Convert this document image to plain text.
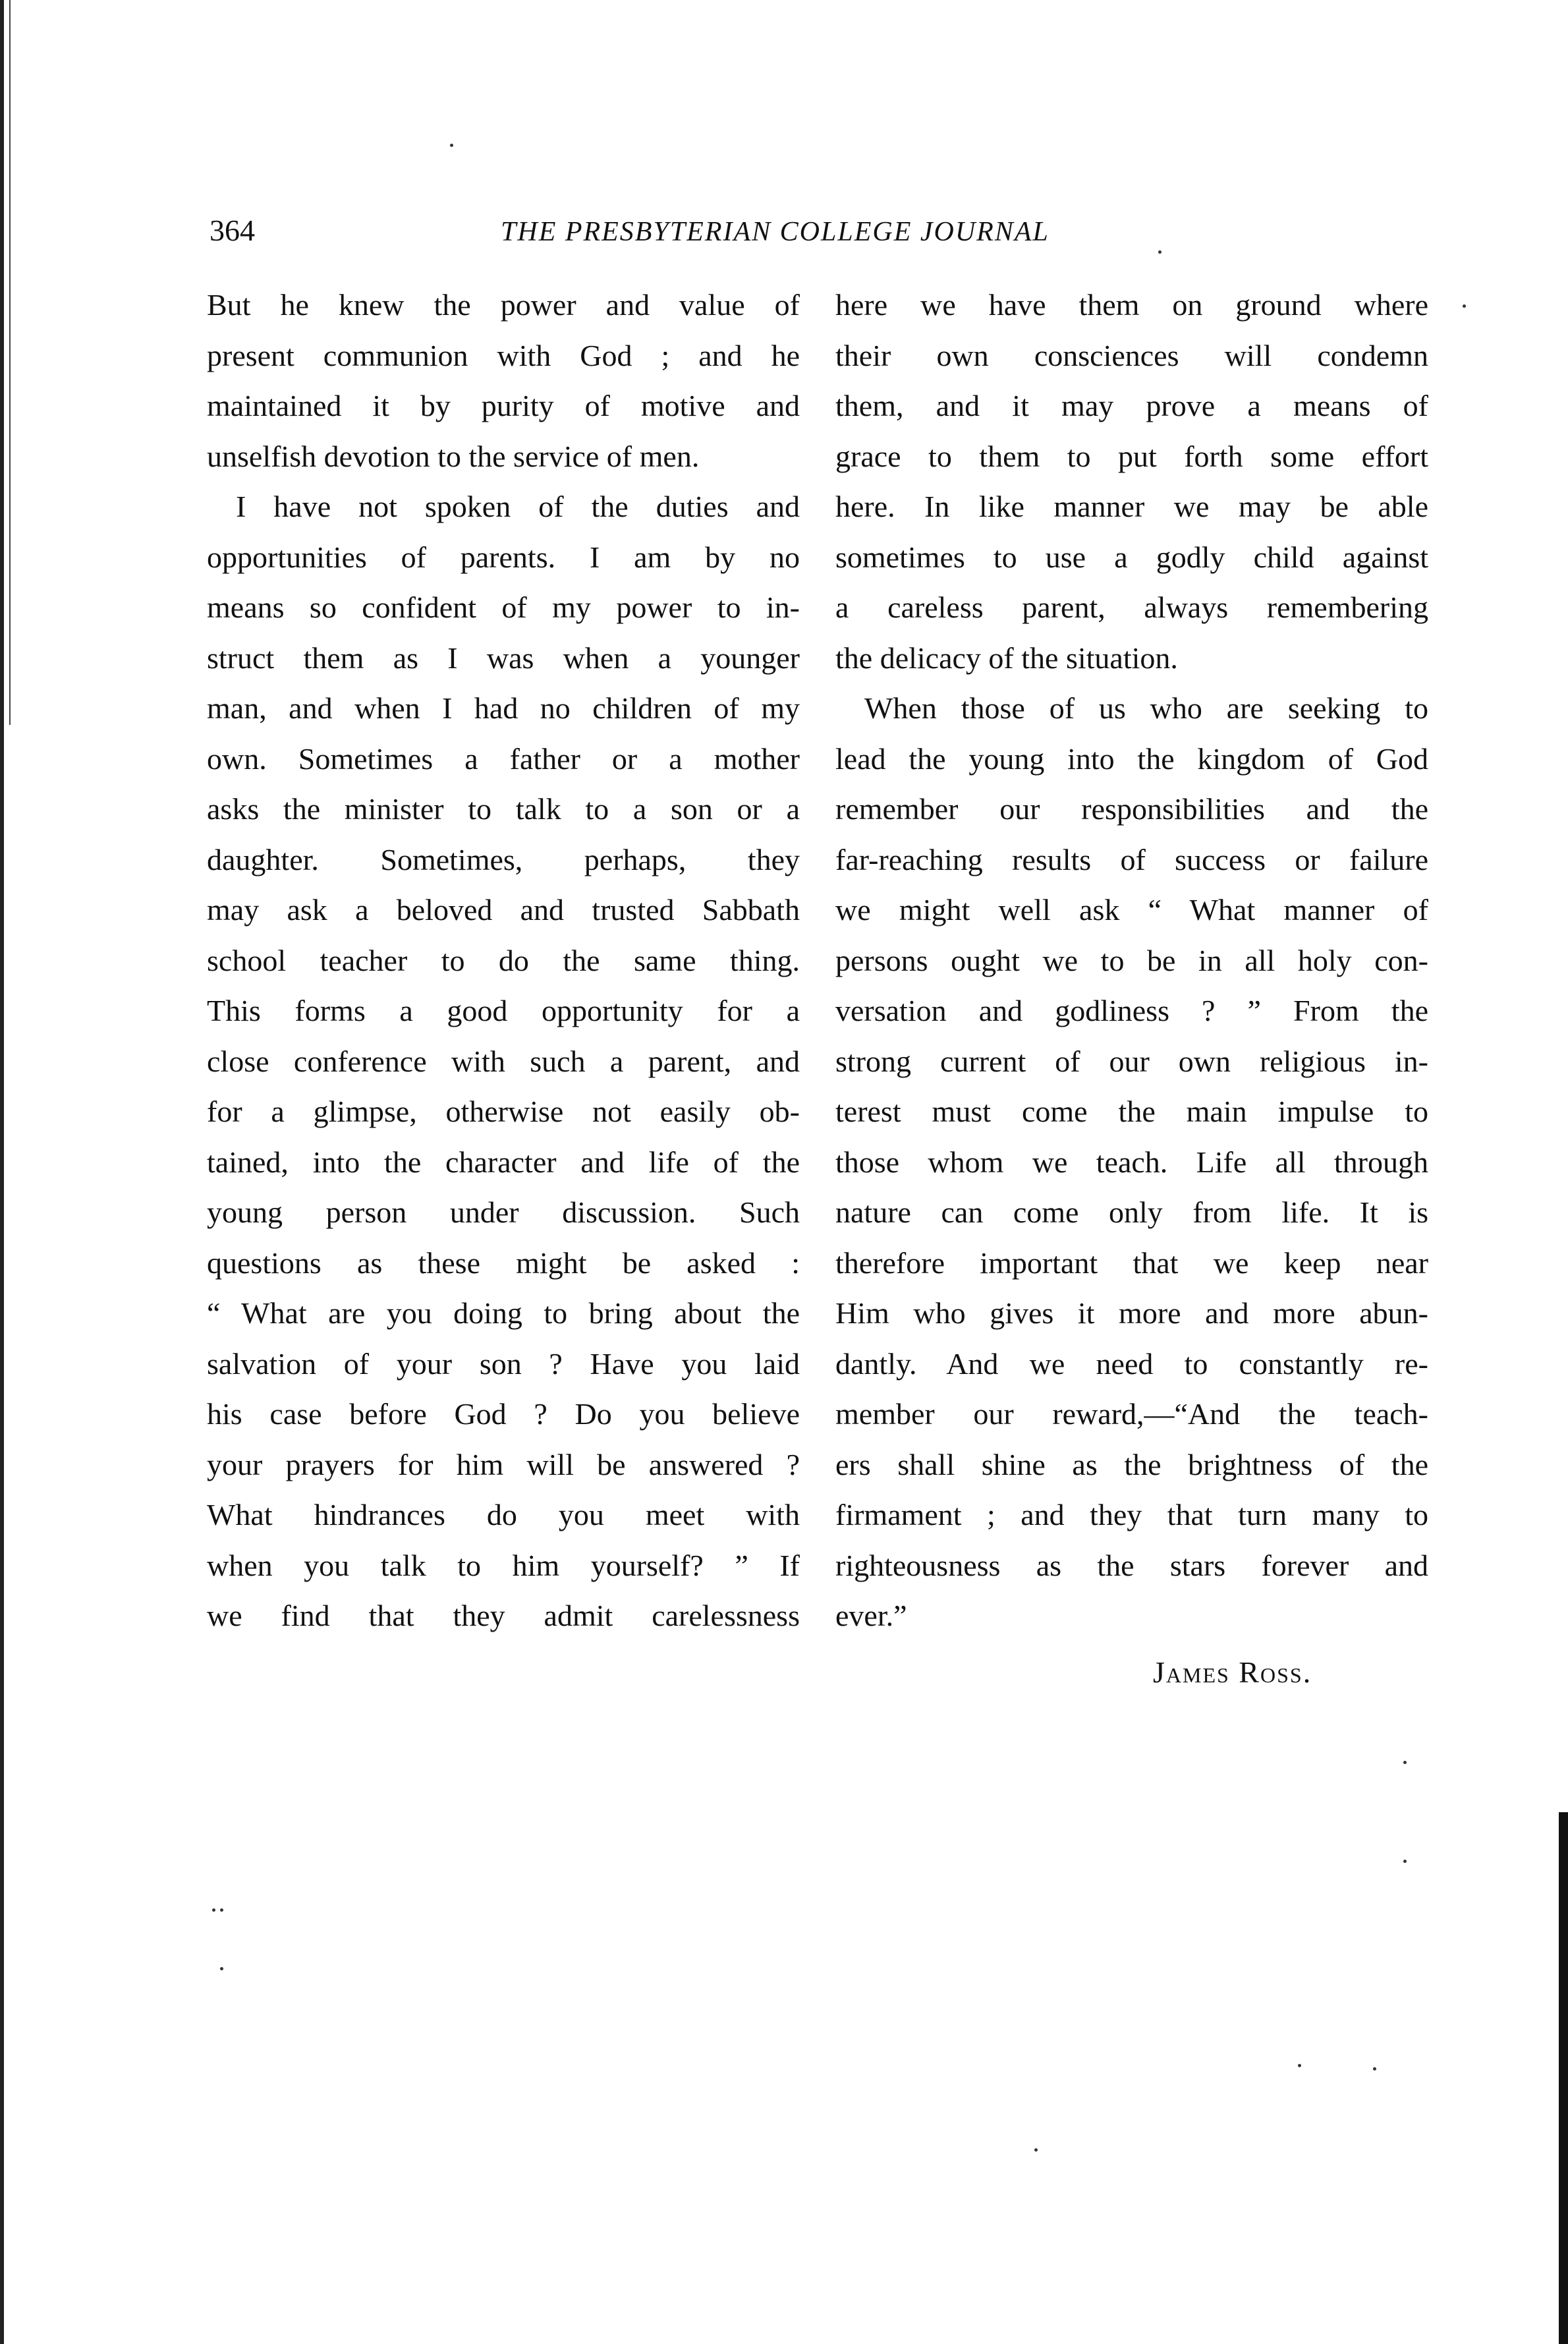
364	THE PRESBYTERIAN COLLEGE JOURNAL
But he knew the power and value of
present communion with God ; and he
maintained it by purity of motive and
unselfish devotion to the service of men.
I have not spoken of the duties and
opportunities of parents. I am by no
means so confident of my power to in-
struct them as I was when a younger
man, and when I had no children of my
own. Sometimes a father or a mother
asks the minister to talk to a son or a
daughter. Sometimes, perhaps, they
may ask a beloved and trusted Sabbath
school teacher to do the same thing.
This forms a good opportunity for a
close conference with such a parent, and
for a glimpse, otherwise not easily ob-
tained, into the character and life of the
young person under discussion. Such
questions as these might be asked :
“ What are you doing to bring about the
salvation of your son ? Have you laid
his case before God ? Do you believe
your prayers for him will be answered ?
What hindrances do you meet with
when you talk to him yourself? ” If
we find that they admit carelessness
here we have them on ground where
their own consciences will condemn
them, and it may prove a means of
grace to them to put forth some effort
here. In like manner we may be able
sometimes to use a godly child against
a careless parent, always remembering
the delicacy of the situation.
When those of us who are seeking to
lead the young into the kingdom of God
remember our responsibilities and the
far-reaching results of success or failure
we might well ask “ What manner of
persons ought we to be in all holy con-
versation and godliness ? ” From the
strong current of our own religious in-
terest must come the main impulse to
those whom we teach. Life all through
nature can come only from life. It is
therefore important that we keep near
Him who gives it more and more abun-
dantly. And we need to constantly re-
member our reward,—“And the teach-
ers shall shine as the brightness of the
firmament ; and they that turn many to
righteousness as the stars forever and
ever.”
James Ross.
